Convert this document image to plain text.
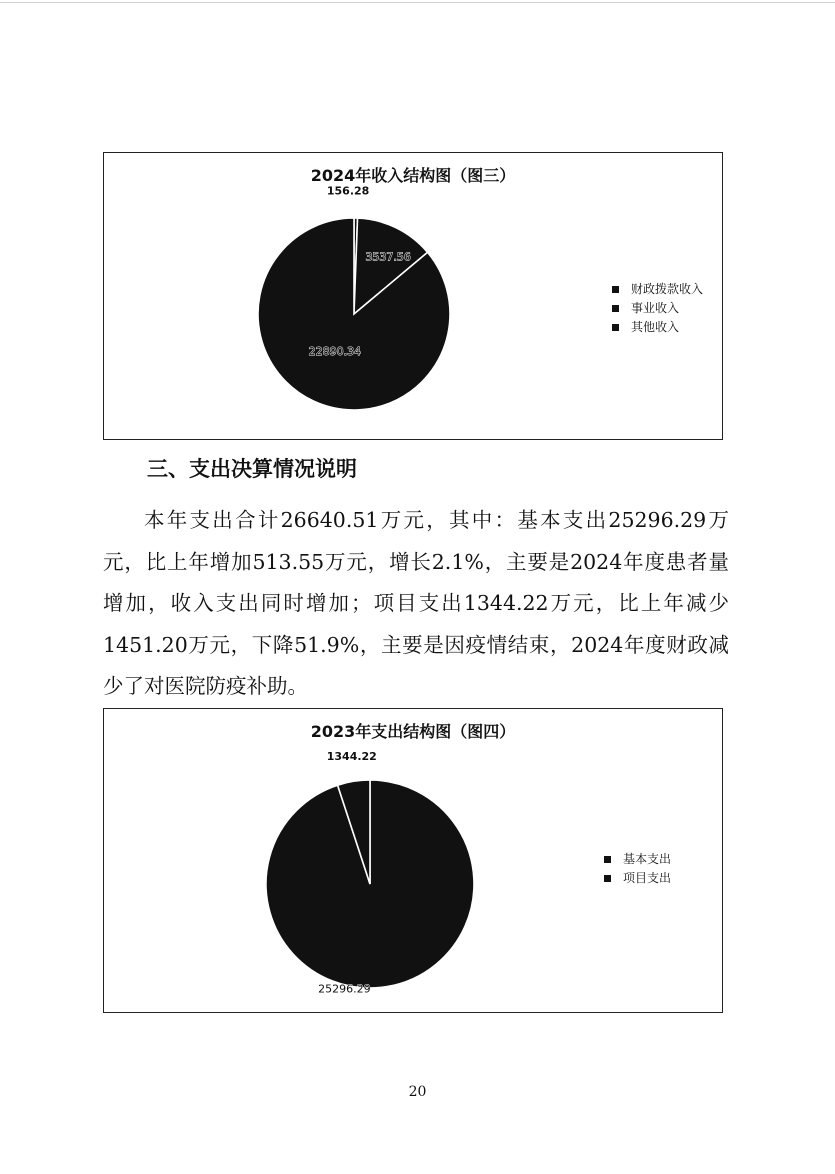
2024年收入结构图（图三）
156.28
3537.56
22890.34
财政拨款收入
事业收入
其他收入
三、支出决算情况说明

本年支出合计26640.51万元，其中：基本支出25296.29万元，比上年增加513.55万元，增长2.1%，主要是2024年度患者量增加，收入支出同时增加；项目支出1344.22万元，比上年减少1451.20万元，下降51.9%，主要是因疫情结束，2024年度财政减少了对医院防疫补助。

2023年支出结构图（图四）
25296.29
1344.22
基本支出
项目支出
20
